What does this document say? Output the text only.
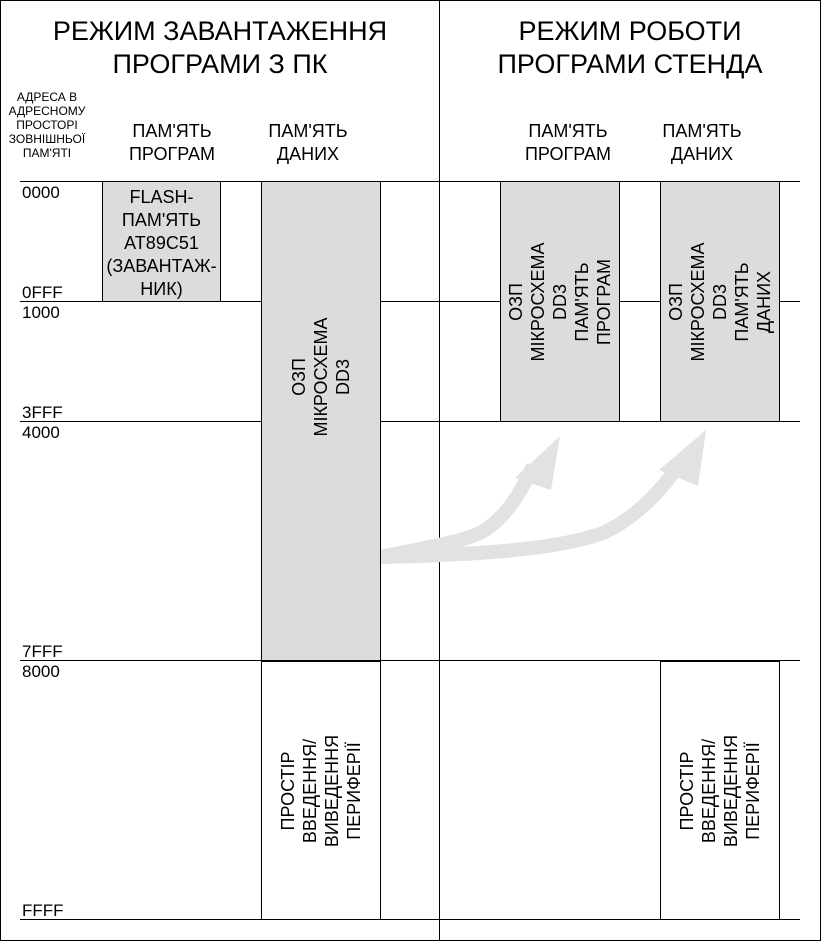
РЕЖИМ ЗАВАНТАЖЕННЯ
ПРОГРАМИ З ПК
РЕЖИМ РОБОТИ
ПРОГРАМИ СТЕНДА
АДРЕСА В
АДРЕСНОМУ
ПРОСТОРІ
ЗОВНІШНЬОЇ
ПАМ'ЯТІ
ПАМ'ЯТЬ
ПРОГРАМ
ПАМ'ЯТЬ
ДАНИХ
ПАМ'ЯТЬ
ПРОГРАМ
ПАМ'ЯТЬ
ДАНИХ
0000
0FFF
1000
3FFF
4000
7FFF
8000
FFFF
FLASH-
ПАМ'ЯТЬ
AT89C51
(ЗАВАНТАЖ-
НИК)
ОЗП
МІКРОСХЕМА DD3
ПРОСТІР
ВВЕДЕННЯ/ВИВЕДЕННЯ
ПЕРИФЕРІЇ
ОЗП
МІКРОСХЕМА DD3
ПАМ'ЯТЬ ПРОГРАМ	ОЗП
МІКРОСХЕМА DD3
ПАМ'ЯТЬ ДАНИХ
ПРОСТІР
ВВЕДЕННЯ/ВИВЕДЕННЯ
ПЕРИФЕРІЇ
